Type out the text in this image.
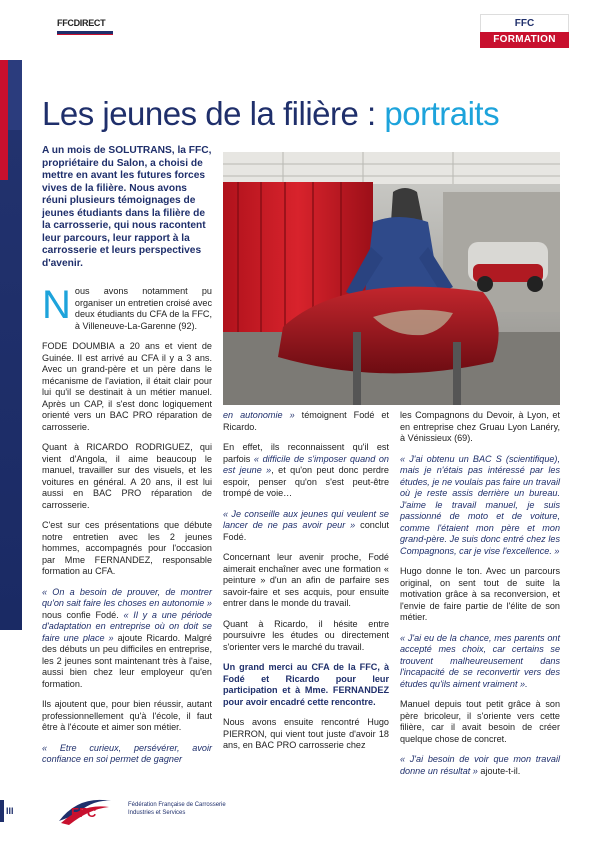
FFCDIRECT	FFC
FORMATION
Les jeunes de la filière : portraits
A un mois de SOLUTRANS, la FFC, propriétaire du Salon, a choisi de mettre en avant les futures forces vives de la filière. Nous avons réuni plusieurs témoignages de jeunes étudiants dans la filière de la carrosserie, qui nous racontent leur parcours, leur rapport à la carrosserie et leurs perspectives d'avenir.

Nous avons notamment pu organiser un entretien croisé avec deux étudiants du CFA de la FFC, à Villeneuve-La-Garenne (92).

FODE DOUMBIA a 20 ans et vient de Guinée. Il est arrivé au CFA il y a 3 ans. Avec un grand-père et un père dans le mécanisme de l'aviation, il était clair pour lui qu'il se destinait à un métier manuel. Après un CAP, il s'est donc logiquement orienté vers un BAC PRO réparation de carrosserie.

Quant à RICARDO RODRIGUEZ, qui vient d'Angola, il aime beaucoup le manuel, travailler sur des visuels, et les voitures en général. A 20 ans, il est lui aussi en BAC PRO réparation de carrosserie.

C'est sur ces présentations que débute notre entretien avec les 2 jeunes hommes, accompagnés pour l'occasion par Mme FERNANDEZ, responsable formation au CFA.

« On a besoin de prouver, de montrer qu'on sait faire les choses en autonomie » nous confie Fodé. « Il y a une période d'adaptation en entreprise où on doit se faire une place » ajoute Ricardo. Malgré des débuts un peu difficiles en entreprise, les 2 jeunes sont maintenant très à l'aise, aussi bien chez leur employeur qu'en formation.

Ils ajoutent que, pour bien réussir, autant professionnellement qu'à l'école, il faut être à l'écoute et aimer son métier.

« Etre curieux, persévérer, avoir confiance en soi permet de gagner

en autonomie » témoignent Fodé et Ricardo.

En effet, ils reconnaissent qu'il est parfois « difficile de s'imposer quand on est jeune », et qu'on peut donc perdre espoir, penser qu'on s'est peut-être trompé de voie…

« Je conseille aux jeunes qui veulent se lancer de ne pas avoir peur » conclut Fodé.

Concernant leur avenir proche, Fodé aimerait enchaîner avec une formation « peinture » d'un an afin de parfaire ses savoir-faire et ses acquis, pour ensuite entrer dans le monde du travail.

Quant à Ricardo, il hésite entre poursuivre les études ou directement s'orienter vers le marché du travail.

Un grand merci au CFA de la FFC, à Fodé et Ricardo pour leur participation et à Mme. FERNANDEZ pour avoir encadré cette rencontre.

Nous avons ensuite rencontré Hugo PIERRON, qui vient tout juste d'avoir 18 ans, en BAC PRO carrosserie chez

les Compagnons du Devoir, à Lyon, et en entreprise chez Gruau Lyon Lanéry, à Vénissieux (69).

« J'ai obtenu un BAC S (scientifique), mais je n'étais pas intéressé par les études, je ne voulais pas faire un travail où je reste assis derrière un bureau. J'aime le travail manuel, je suis passionné de moto et de voiture, comme l'étaient mon père et mon grand-père. Je suis donc entré chez les Compagnons, car je vise l'excellence. »

Hugo donne le ton. Avec un parcours original, on sent tout de suite la motivation grâce à sa reconversion, et l'envie de faire partie de l'élite de son métier.

« J'ai eu de la chance, mes parents ont accepté mes choix, car certains se trouvent malheureusement dans l'incapacité de se reconvertir vers des études qu'ils aiment vraiment ».

Manuel depuis tout petit grâce à son père bricoleur, il s'oriente vers cette filière, car il avait besoin de créer quelque chose de concret.

« J'ai besoin de voir que mon travail donne un résultat » ajoute-t-il.

III	FFC	Fédération Française de Carrosserie
Industries et Services
